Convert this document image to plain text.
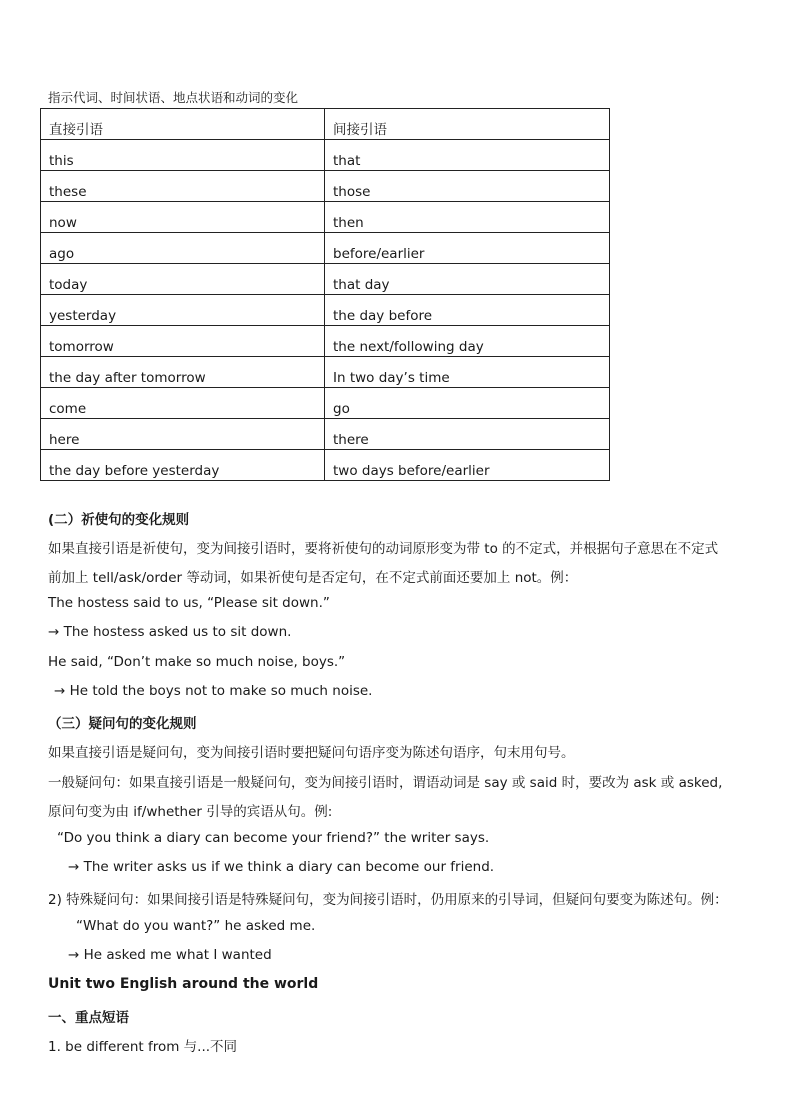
指示代词、时间状语、地点状语和动词的变化
直接引语	间接引语
this	that
these	those
now	then
ago	before/earlier
today	that day
yesterday	the day before
tomorrow	the next/following day
the day after tomorrow	In two day’s time
come	go
here	there
the day before yesterday	two days before/earlier
(二）祈使句的变化规则
如果直接引语是祈使句，变为间接引语时，要将祈使句的动词原形变为带 to 的不定式，并根据句子意思在不定式
前加上 tell/ask/order 等动词，如果祈使句是否定句，在不定式前面还要加上 not。例：
The hostess said to us, “Please sit down.”
→ The hostess asked us to sit down.
He said, “Don’t make so much noise, boys.”
→ He told the boys not to make so much noise.
（三）疑问句的变化规则
如果直接引语是疑问句，变为间接引语时要把疑问句语序变为陈述句语序，句末用句号。
一般疑问句：如果直接引语是一般疑问句，变为间接引语时，谓语动词是 say 或 said 时，要改为 ask 或 asked,
原问句变为由 if/whether 引导的宾语从句。例:
“Do you think a diary can become your friend?” the writer says.
→ The writer asks us if we think a diary can become our friend.
2) 特殊疑问句：如果间接引语是特殊疑问句，变为间接引语时，仍用原来的引导词，但疑问句要变为陈述句。例：
“What do you want?” he asked me.
→ He asked me what I wanted
Unit two English around the world
一、重点短语
1. be different from 与...不同
